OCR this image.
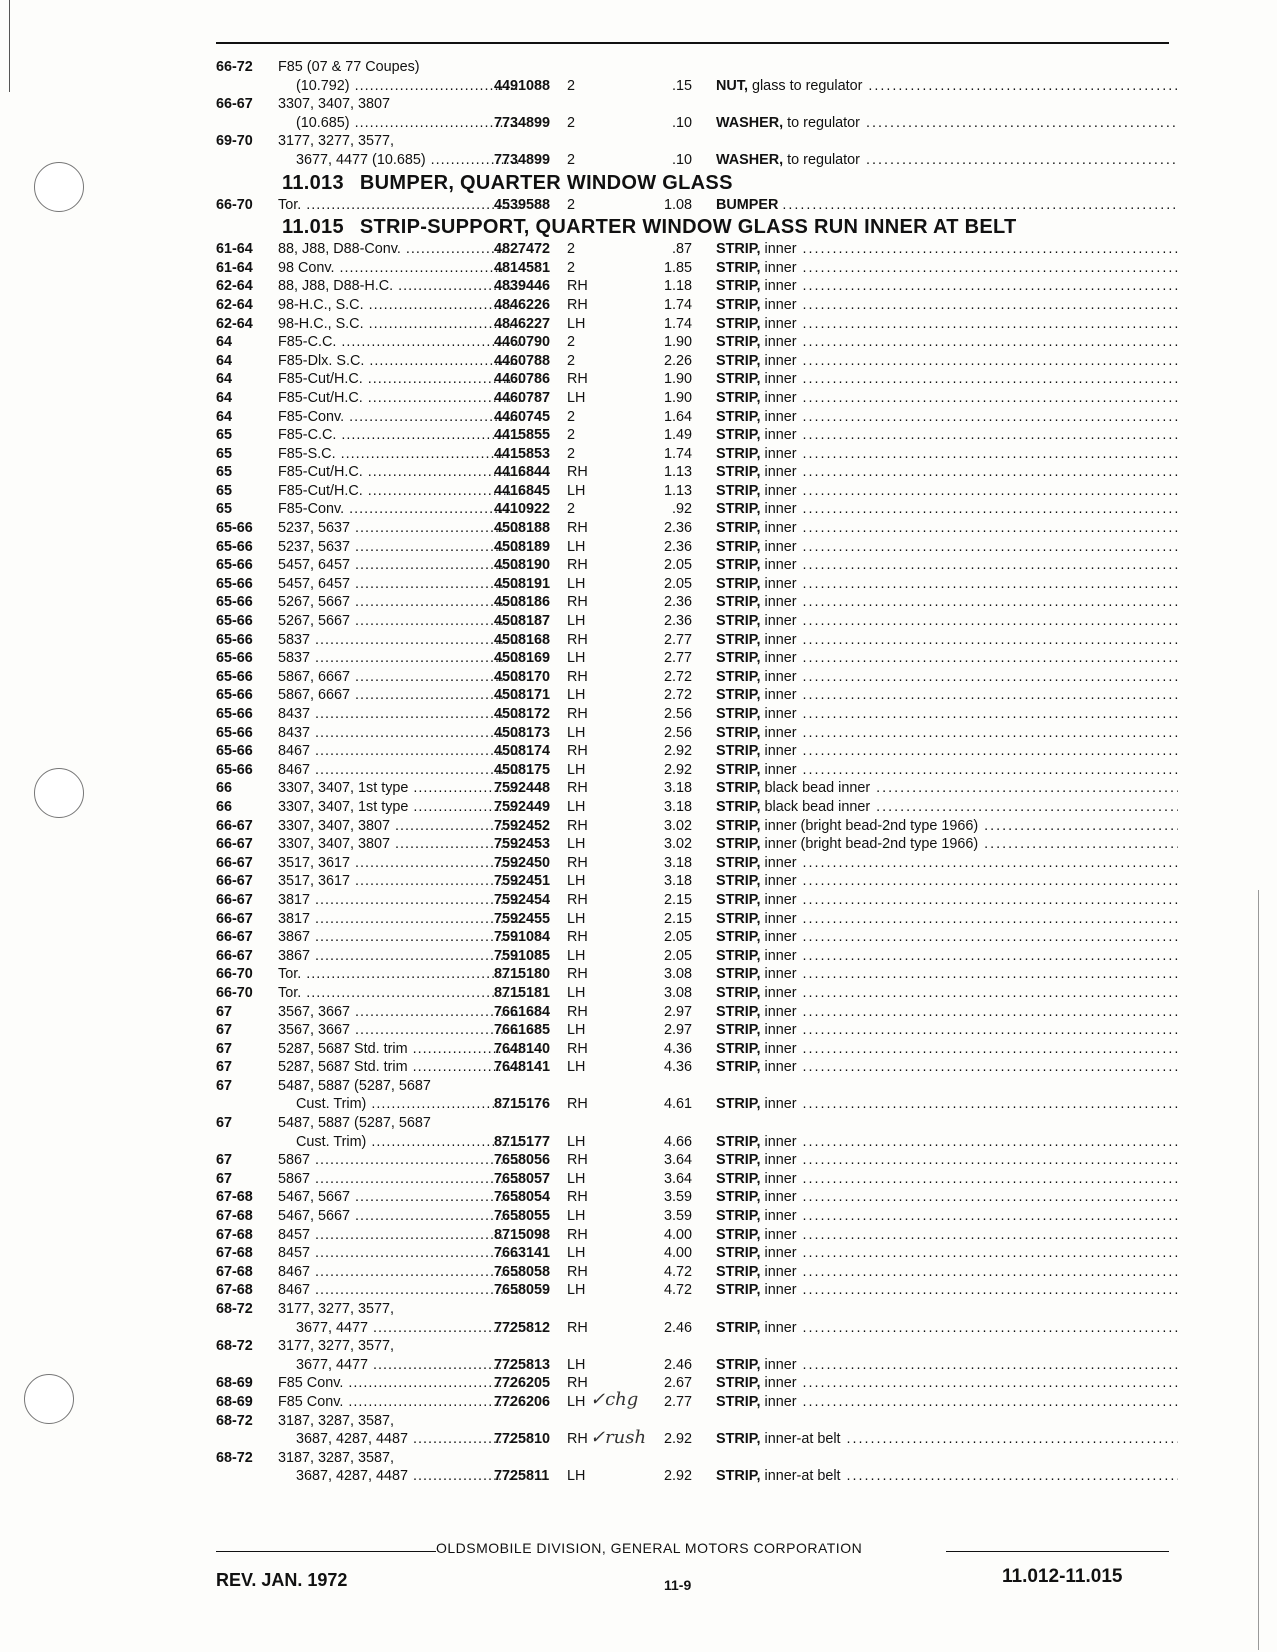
66-72 F85 (07 & 77 Coupes)
(10.792) .....	4491088 2	.15 NUT, glass to regulator .....
66-67 3307, 3407, 3807
(10.685) .....	7734899 2	.10 WASHER, to regulator .....
69-70 3177, 3277, 3577,
3677, 4477 (10.685) .....	7734899 2	.10 WASHER, to regulator .....
11.013 BUMPER, QUARTER WINDOW GLASS
66-70 Tor. .....	4539588 2	1.08 BUMPER .....
11.015 STRIP-SUPPORT, QUARTER WINDOW GLASS RUN INNER AT BELT
61-64 88, J88, D88-Conv. .....	4827472 2	.87 STRIP, inner .....
61-64 98 Conv. .....	4814581 2	1.85 STRIP, inner .....
62-64 88, J88, D88-H.C. .....	4839446 RH	1.18 STRIP, inner .....
62-64 98-H.C., S.C. .....	4846226 RH	1.74 STRIP, inner .....
62-64 98-H.C., S.C. .....	4846227 LH	1.74 STRIP, inner .....
64	F85-C.C. .....	4460790 2	1.90 STRIP, inner .....
64	F85-Dlx. S.C. .....	4460788 2	2.26 STRIP, inner .....
64	F85-Cut/H.C. .....	4460786 RH	1.90 STRIP, inner .....
64	F85-Cut/H.C. .....	4460787 LH	1.90 STRIP, inner .....
64	F85-Conv. .....	4460745 2	1.64 STRIP, inner .....
65	F85-C.C. .....	4415855 2	1.49 STRIP, inner .....
65	F85-S.C. .....	4415853 2	1.74 STRIP, inner .....
65	F85-Cut/H.C. .....	4416844 RH	1.13 STRIP, inner .....
65	F85-Cut/H.C. .....	4416845 LH	1.13 STRIP, inner .....
65	F85-Conv. .....	4410922 2	.92 STRIP, inner .....
65-66 5237, 5637 .....	4508188 RH	2.36 STRIP, inner .....
65-66 5237, 5637 .....	4508189 LH	2.36 STRIP, inner .....
65-66 5457, 6457 .....	4508190 RH	2.05 STRIP, inner .....
65-66 5457, 6457 .....	4508191 LH	2.05 STRIP, inner .....
65-66 5267, 5667 .....	4508186 RH	2.36 STRIP, inner .....
65-66 5267, 5667 .....	4508187 LH	2.36 STRIP, inner .....
65-66 5837 .....	4508168 RH	2.77 STRIP, inner .....
65-66 5837 .....	4508169 LH	2.77 STRIP, inner .....
65-66 5867, 6667 .....	4508170 RH	2.72 STRIP, inner .....
65-66 5867, 6667 .....	4508171 LH	2.72 STRIP, inner .....
65-66 8437 .....	4508172 RH	2.56 STRIP, inner .....
65-66 8437 .....	4508173 LH	2.56 STRIP, inner .....
65-66 8467 .....	4508174 RH	2.92 STRIP, inner .....
65-66 8467 .....	4508175 LH	2.92 STRIP, inner .....
66	3307, 3407, 1st type .....	7592448 RH	3.18 STRIP, black bead inner .....
66	3307, 3407, 1st type .....	7592449 LH	3.18 STRIP, black bead inner .....
66-67 3307, 3407, 3807 .....	7592452 RH	3.02 STRIP, inner (bright bead-2nd type 1966) .....
66-67 3307, 3407, 3807 .....	7592453 LH	3.02 STRIP, inner (bright bead-2nd type 1966) .....
66-67 3517, 3617 .....	7592450 RH	3.18 STRIP, inner .....
66-67 3517, 3617 .....	7592451 LH	3.18 STRIP, inner .....
66-67 3817 .....	7592454 RH	2.15 STRIP, inner .....
66-67 3817 .....	7592455 LH	2.15 STRIP, inner .....
66-67 3867 .....	7591084 RH	2.05 STRIP, inner .....
66-67 3867 .....	7591085 LH	2.05 STRIP, inner .....
66-70 Tor. .....	8715180 RH	3.08 STRIP, inner .....
66-70 Tor. .....	8715181 LH	3.08 STRIP, inner .....
67	3567, 3667 .....	7661684 RH	2.97 STRIP, inner .....
67	3567, 3667 .....	7661685 LH	2.97 STRIP, inner .....
67	5287, 5687 Std. trim .....	7648140 RH	4.36 STRIP, inner .....
67	5287, 5687 Std. trim .....	7648141 LH	4.36 STRIP, inner .....
67	5487, 5887 (5287, 5687
Cust. Trim) .....	8715176 RH	4.61 STRIP, inner .....
67	5487, 5887 (5287, 5687
Cust. Trim) .....	8715177 LH	4.66 STRIP, inner .....
67	5867 .....	7658056 RH	3.64 STRIP, inner .....
67	5867 .....	7658057 LH	3.64 STRIP, inner .....
67-68 5467, 5667 .....	7658054 RH	3.59 STRIP, inner .....
67-68 5467, 5667 .....	7658055 LH	3.59 STRIP, inner .....
67-68 8457 .....	8715098 RH	4.00 STRIP, inner .....
67-68 8457 .....	7663141 LH	4.00 STRIP, inner .....
67-68 8467 .....	7658058 RH	4.72 STRIP, inner .....
67-68 8467 .....	7658059 LH	4.72 STRIP, inner .....
68-72 3177, 3277, 3577,
3677, 4477 .....	7725812 RH	2.46 STRIP, inner .....
68-72 3177, 3277, 3577,
3677, 4477 .....	7725813 LH	2.46 STRIP, inner .....
68-69 F85 Conv. .....	7726205 RH	2.67 STRIP, inner .....
68-69 F85 Conv. .....	7726206 LH	2.77 STRIP, inner .....
68-72 3187, 3287, 3587,
3687, 4287, 4487 .....	7725810 RH	2.92 STRIP, inner-at belt .....
68-72 3187, 3287, 3587,
3687, 4287, 4487 .....	7725811 LH	2.92 STRIP, inner-at belt .....
✓chg
✓rush
OLDSMOBILE DIVISION, GENERAL MOTORS CORPORATION
REV. JAN. 1972	11-9	11.012-11.015
